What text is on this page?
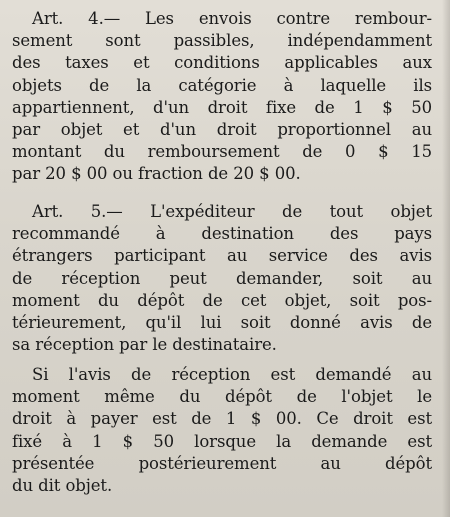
Art. 4.— Les envois contre rembour-
sement sont passibles, indépendamment
des taxes et conditions applicables aux
objets de la catégorie à laquelle ils
appartiennent, d'un droit fixe de 1 $ 50
par objet et d'un droit proportionnel au
montant du remboursement de 0 $ 15
par 20 $ 00 ou fraction de 20 $ 00.

Art. 5.— L'expéditeur de tout objet
recommandé à destination des pays
étrangers participant au service des avis
de réception peut demander, soit au
moment du dépôt de cet objet, soit pos-
térieurement, qu'il lui soit donné avis de
sa réception par le destinataire.

Si l'avis de réception est demandé au
moment même du dépôt de l'objet le
droit à payer est de 1 $ 00. Ce droit est
fixé à 1 $ 50 lorsque la demande est
présentée postérieurement au dépôt
du dit objet.
